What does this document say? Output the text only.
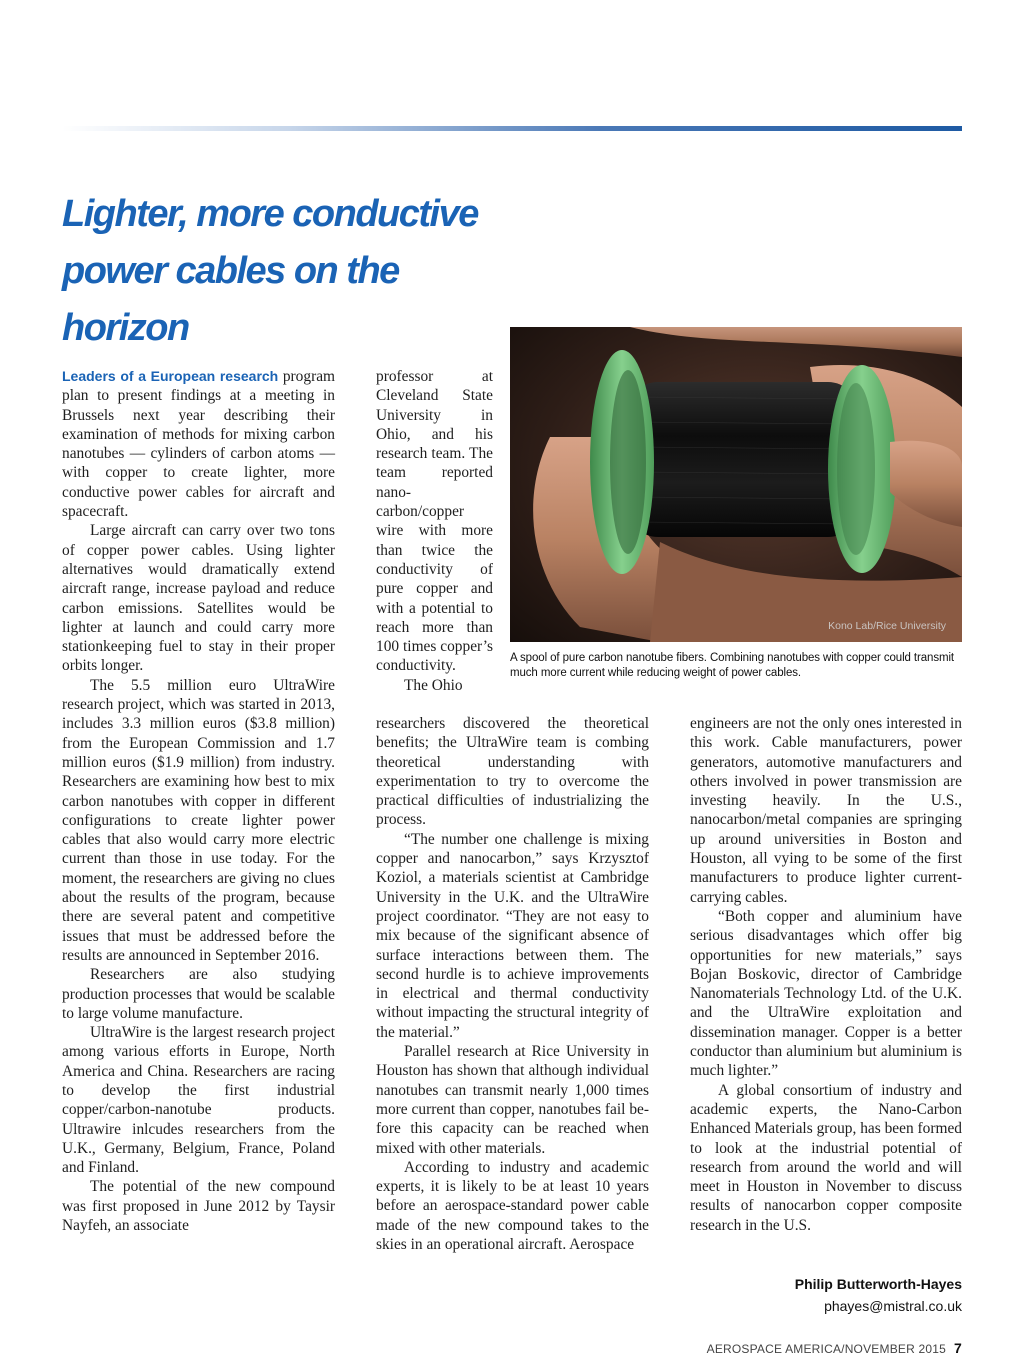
Lighter, more conductive power cables on the horizon

Leaders of a European research program plan to present findings at a meeting in Brussels next year describing their examination of methods for mixing carbon nanotubes — cylinders of carbon atoms — with copper to create lighter, more conductive power cables for aircraft and spacecraft.

Large aircraft can carry over two tons of copper power cables. Using lighter alternatives would dramatically extend aircraft range, increase payload and reduce carbon emissions. Satellites would be lighter at launch and could carry more stationkeeping fuel to stay in their proper orbits longer.

The 5.5 million euro UltraWire research project, which was started in 2013, includes 3.3 million euros ($3.8 million) from the European Commission and 1.7 million euros ($1.9 million) from industry. Researchers are examining how best to mix carbon nanotubes with copper in different configurations to create lighter power cables that also would carry more electric current than those in use today. For the moment, the researchers are giving no clues about the results of the program, because there are several patent and competitive issues that must be addressed before the results are announced in September 2016.

Researchers are also studying production processes that would be scalable to large volume manufacture.

UltraWire is the largest research project among various efforts in Europe, North America and China. Researchers are racing to develop the first industrial copper/carbon-nanotube products. Ultrawire inlcudes researchers from the U.K., Germany, Belgium, France, Poland and Finland.

The potential of the new compound was first proposed in June 2012 by Taysir Nayfeh, an associate

professor at Cleveland State University in Ohio, and his research team. The team reported nanocarbon/copper wire with more than twice the conductivity of pure copper and with a potential to reach more than 100 times copper’s conductivity.

The Ohio

researchers discovered the theoretical benefits; the UltraWire team is combing theoretical understanding with experimentation to try to overcome the practical difficulties of industrializing the process.

“The number one challenge is mixing copper and nanocarbon,” says Krzysztof Koziol, a materials scientist at Cambridge University in the U.K. and the UltraWire project coordinator. “They are not easy to mix because of the significant absence of surface interactions between them. The second hurdle is to achieve improvements in electrical and thermal conductivity without impacting the structural integrity of the material.”

Parallel research at Rice University in Houston has shown that although individual nanotubes can transmit nearly 1,000 times more current than copper, nanotubes fail before this capacity can be reached when mixed with other materials.

According to industry and academic experts, it is likely to be at least 10 years before an aerospace-standard power cable made of the new compound takes to the skies in an operational aircraft. Aerospace

engineers are not the only ones interested in this work. Cable manufacturers, power generators, automotive manufacturers and others involved in power transmission are investing heavily. In the U.S., nanocarbon/metal companies are springing up around universities in Boston and Houston, all vying to be some of the first manufacturers to produce lighter current-carrying cables.

“Both copper and aluminium have serious disadvantages which offer big opportunities for new materials,” says Bojan Boskovic, director of Cambridge Nanomaterials Technology Ltd. of the U.K. and the UltraWire exploitation and dissemination manager. Copper is a better conductor than aluminium but aluminium is much lighter.”

A global consortium of industry and academic experts, the Nano-Carbon Enhanced Materials group, has been formed to look at the industrial potential of research from around the world and will meet in Houston in November to discuss results of nanocarbon copper composite research in the U.S.

Kono Lab/Rice University

A spool of pure carbon nanotube fibers. Combining nanotubes with copper could transmit much more current while reducing weight of power cables.

Philip Butterworth-Hayes
phayes@mistral.co.uk
AEROSPACE AMERICA/NOVEMBER 2015 7
